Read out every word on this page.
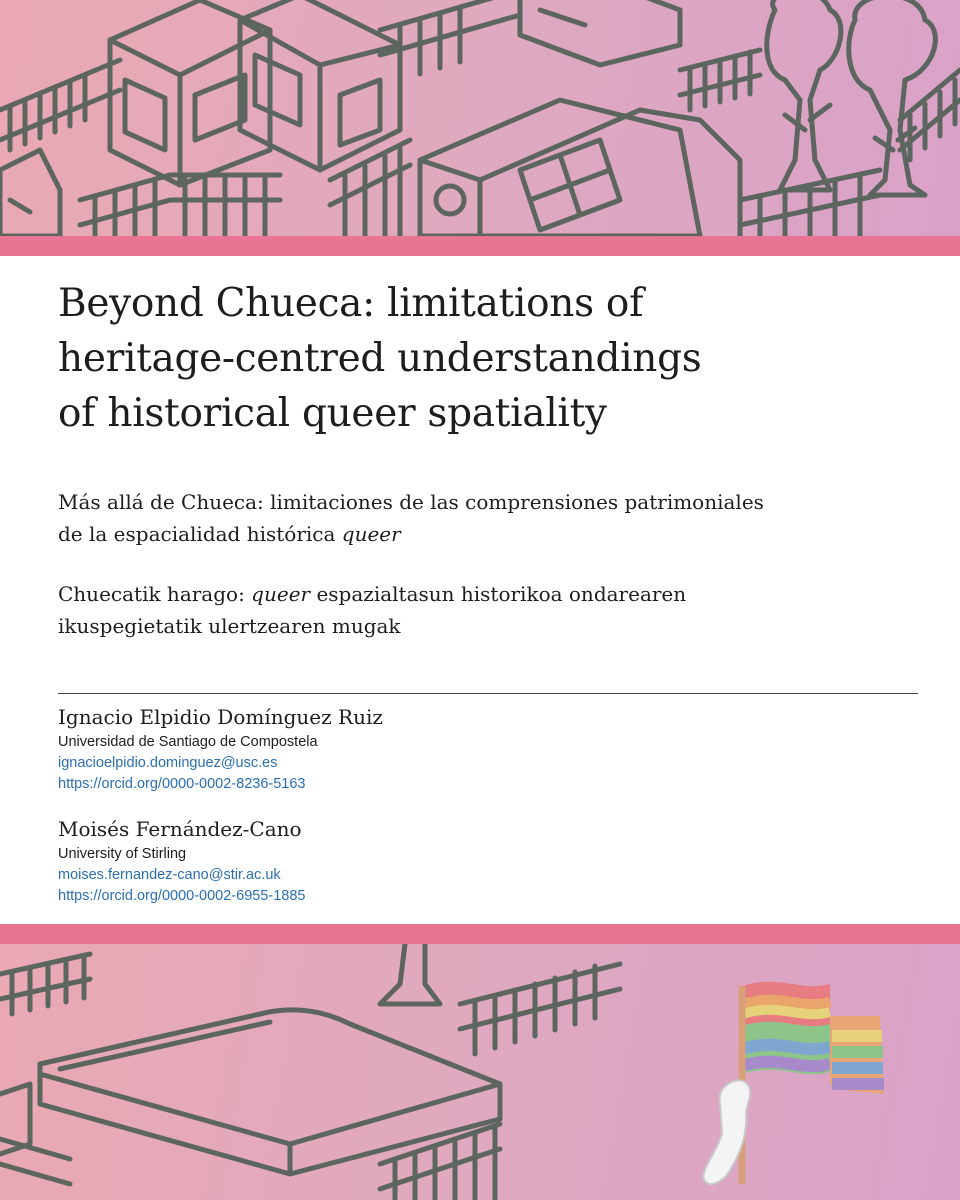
Beyond Chueca: limitations of
heritage-centred understandings
of historical queer spatiality

Más allá de Chueca: limitaciones de las comprensiones patrimoniales
de la espacialidad histórica queer

Chuecatik harago: queer espazialtasun historikoa ondarearen
ikuspegietatik ulertzearen mugak

Ignacio Elpidio Domínguez Ruiz
Universidad de Santiago de Compostela
ignacioelpidio.dominguez@usc.es
https://orcid.org/0000-0002-8236-5163
Moisés Fernández-Cano
University of Stirling
moises.fernandez-cano@stir.ac.uk
https://orcid.org/0000-0002-6955-1885
